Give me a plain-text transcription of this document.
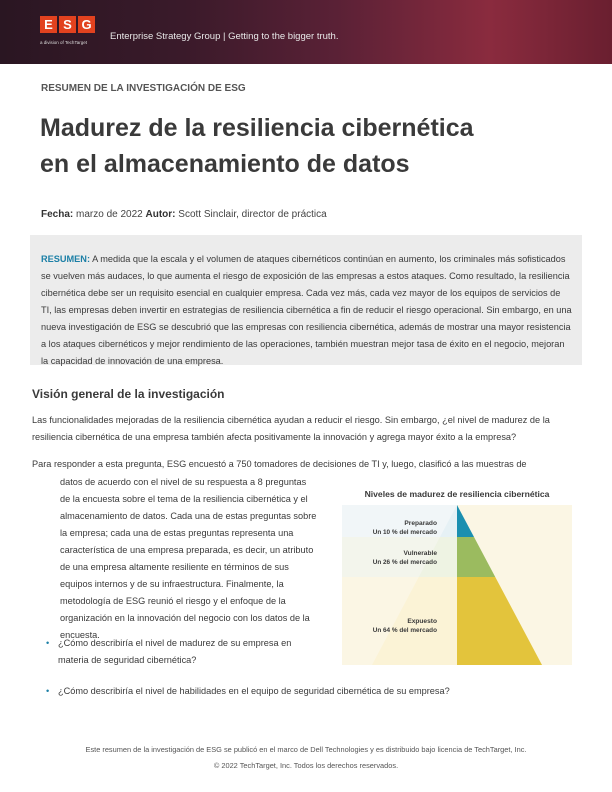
E S G
a division of TechTarget
Enterprise Strategy Group | Getting to the bigger truth.
RESUMEN DE LA INVESTIGACIÓN DE ESG
Madurez de la resiliencia cibernética
en el almacenamiento de datos
Fecha: marzo de 2022 Autor: Scott Sinclair, director de práctica

RESUMEN: A medida que la escala y el volumen de ataques cibernéticos continúan en aumento, los criminales más sofisticados se vuelven más audaces, lo que aumenta el riesgo de exposición de las empresas a estos ataques. Como resultado, la resiliencia cibernética debe ser un requisito esencial en cualquier empresa. Cada vez más, cada vez mayor de los equipos de servicios de TI, las empresas deben invertir en estrategias de resiliencia cibernética a fin de reducir el riesgo operacional. Sin embargo, en una nueva investigación de ESG se descubrió que las empresas con resiliencia cibernética, además de mostrar una mayor resistencia a los ataques cibernéticos y mejor rendimiento de las operaciones, también muestran mejor tasa de éxito en el negocio, mejoran la capacidad de innovación de una empresa.

Visión general de la investigación
Las funcionalidades mejoradas de la resiliencia cibernética ayudan a reducir el riesgo. Sin embargo, ¿el nivel de madurez de la resiliencia cibernética de una empresa también afecta positivamente la innovación y agrega mayor éxito a la empresa?
Para responder a esta pregunta, ESG encuestó a 750 tomadores de decisiones de TI y, luego, clasificó a las muestras de
datos de acuerdo con el nivel de su respuesta a 8 preguntas de la encuesta sobre el tema de la resiliencia cibernética y el almacenamiento de datos. Cada una de estas preguntas sobre la empresa; cada una de estas preguntas representa una característica de una empresa preparada, es decir, un atributo de una empresa altamente resiliente en términos de sus equipos internos y de su infraestructura. Finalmente, la metodología de ESG reunió el riesgo y el enfoque de la organización en la innovación del negocio con los datos de la encuesta.
• ¿Cómo describiría el nivel de madurez de su empresa en materia de seguridad cibernética?
• ¿Cómo describiría el nivel de habilidades en el equipo de seguridad cibernética de su empresa?
Niveles de madurez de resiliencia cibernética
Preparado
Un 10 % del mercado
Vulnerable
Un 26 % del mercado
Expuesto
Un 64 % del mercado
Este resumen de la investigación de ESG se publicó en el marco de Dell Technologies y es distribuido bajo licencia de TechTarget, Inc.
© 2022 TechTarget, Inc. Todos los derechos reservados.
